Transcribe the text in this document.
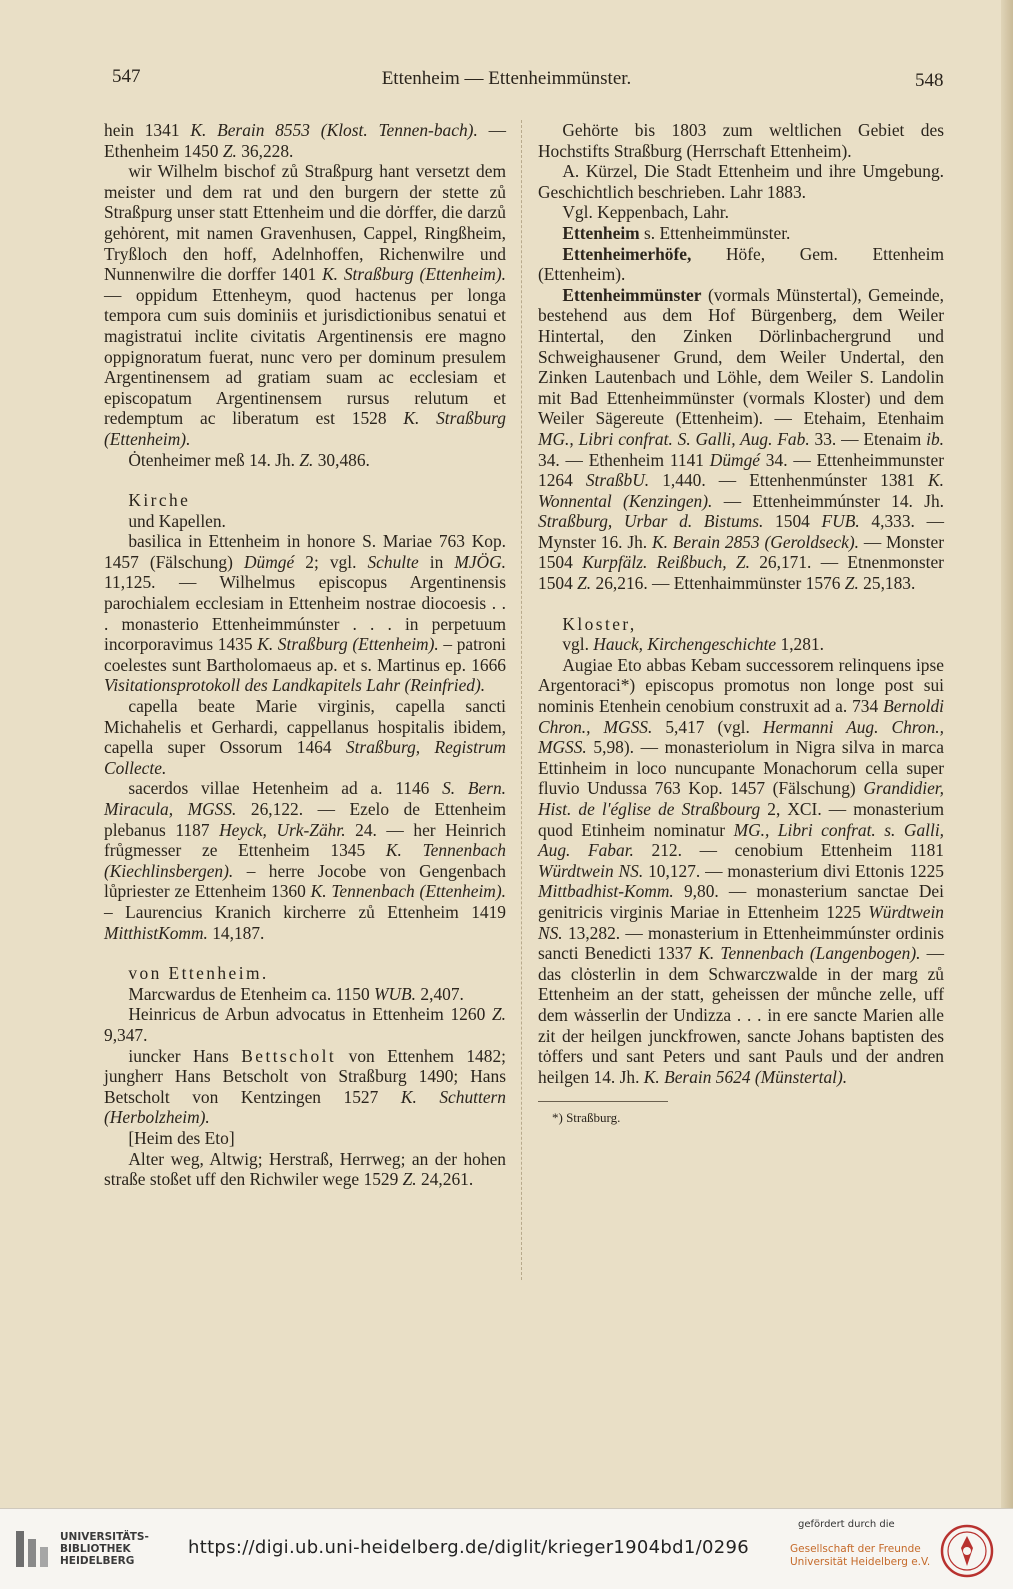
547	Ettenheim — Ettenheimmünster.	548

hein 1341 K. Berain 8553 (Klost. Tennen-bach). — Ethenheim 1450 Z. 36,228.

wir Wilhelm bischof zů Straßpurg hant versetzt dem meister und dem rat und den burgern der stette zů Straßpurg unser statt Ettenheim und die dȯrffer, die darzů gehȯrent, mit namen Gravenhusen, Cappel, Ringßheim, Tryßloch den hoff, Adelnhoffen, Richenwilre und Nunnenwilre die dorffer 1401 K. Straßburg (Ettenheim). — oppidum Ettenheym, quod hactenus per longa tempora cum suis dominiis et jurisdictionibus senatui et magistratui inclite civitatis Argentinensis ere magno oppignoratum fuerat, nunc vero per dominum presulem Argentinensem ad gratiam suam ac ecclesiam et episcopatum Argentinensem rursus relutum et redemptum ac liberatum est 1528 K. Straßburg (Ettenheim).

Ȯtenheimer meß 14. Jh. Z. 30,486.

Kirche

und Kapellen.

basilica in Ettenheim in honore S. Mariae 763 Kop. 1457 (Fälschung) Dümgé 2; vgl. Schulte in MJÖG. 11,125. — Wilhelmus episcopus Argentinensis parochialem ecclesiam in Ettenheim nostrae diocoesis . . . monasterio Ettenheimmúnster . . . in perpetuum incorporavimus 1435 K. Straßburg (Ettenheim). – patroni coelestes sunt Bartholomaeus ap. et s. Martinus ep. 1666 Visitationsprotokoll des Landkapitels Lahr (Reinfried).

capella beate Marie virginis, capella sancti Michahelis et Gerhardi, cappellanus hospitalis ibidem, capella super Ossorum 1464 Straßburg, Registrum Collecte.

sacerdos villae Hetenheim ad a. 1146 S. Bern. Miracula, MGSS. 26,122. — Ezelo de Ettenheim plebanus 1187 Heyck, Urk-Zähr. 24. — her Heinrich frůgmesser ze Ettenheim 1345 K. Tennenbach (Kiechlinsbergen). – herre Jocobe von Gengenbach lůpriester ze Ettenheim 1360 K. Tennenbach (Ettenheim). – Laurencius Kranich kircherre zů Ettenheim 1419 MitthistKomm. 14,187.

von Ettenheim.

Marcwardus de Etenheim ca. 1150 WUB. 2,407.

Heinricus de Arbun advocatus in Ettenheim 1260 Z. 9,347.

iuncker Hans Bettscholt von Ettenhem 1482; jungherr Hans Betscholt von Straßburg 1490; Hans Betscholt von Kentzingen 1527 K. Schuttern (Herbolzheim).

[Heim des Eto]

Alter weg, Altwig; Herstraß, Herrweg; an der hohen straße stoßet uff den Richwiler wege 1529 Z. 24,261.

Gehörte bis 1803 zum weltlichen Gebiet des Hochstifts Straßburg (Herrschaft Ettenheim).

A. Kürzel, Die Stadt Ettenheim und ihre Umgebung. Geschichtlich beschrieben. Lahr 1883.

Vgl. Keppenbach, Lahr.

Ettenheim s. Ettenheimmünster.

Ettenheimerhöfe, Höfe, Gem. Ettenheim (Ettenheim).

Ettenheimmünster (vormals Münstertal), Gemeinde, bestehend aus dem Hof Bürgenberg, dem Weiler Hintertal, den Zinken Dörlinbachergrund und Schweighausener Grund, dem Weiler Undertal, den Zinken Lautenbach und Löhle, dem Weiler S. Landolin mit Bad Ettenheimmünster (vormals Kloster) und dem Weiler Sägereute (Ettenheim). — Etehaim, Etenhaim MG., Libri confrat. S. Galli, Aug. Fab. 33. — Etenaim ib. 34. — Ethenheim 1141 Dümgé 34. — Ettenheimmunster 1264 StraßbU. 1,440. — Ettenhenmúnster 1381 K. Wonnental (Kenzingen). — Ettenheimmúnster 14. Jh. Straßburg, Urbar d. Bistums. 1504 FUB. 4,333. — Mynster 16. Jh. K. Berain 2853 (Geroldseck). — Monster 1504 Kurpfälz. Reißbuch, Z. 26,171. — Etnenmonster 1504 Z. 26,216. — Ettenhaimmünster 1576 Z. 25,183.

Kloster,

vgl. Hauck, Kirchengeschichte 1,281.

Augiae Eto abbas Kebam successorem relinquens ipse Argentoraci*) episcopus promotus non longe post sui nominis Etenhein cenobium construxit ad a. 734 Bernoldi Chron., MGSS. 5,417 (vgl. Hermanni Aug. Chron., MGSS. 5,98). — monasteriolum in Nigra silva in marca Ettinheim in loco nuncupante Monachorum cella super fluvio Undussa 763 Kop. 1457 (Fälschung) Grandidier, Hist. de l'église de Straßbourg 2, XCI. — monasterium quod Etinheim nominatur MG., Libri confrat. s. Galli, Aug. Fabar. 212. — cenobium Ettenheim 1181 Würdtwein NS. 10,127. — monasterium divi Ettonis 1225 Mittbadhist-Komm. 9,80. — monasterium sanctae Dei genitricis virginis Mariae in Ettenheim 1225 Würdtwein NS. 13,282. — monasterium in Ettenheimmúnster ordinis sancti Benedicti 1337 K. Tennenbach (Langenbogen). — das clȯsterlin in dem Schwarczwalde in der marg zů Ettenheim an der statt, geheissen der můnche zelle, uff dem wȧsserlin der Undizza . . . in ere sancte Marien alle zit der heilgen junckfrowen, sancte Johans baptisten des tȯffers und sant Peters und sant Pauls und der andren heilgen 14. Jh. K. Berain 5624 (Münstertal).

*) Straßburg.

UNIVERSITÄTS-
BIBLIOTHEK
HEIDELBERG
https://digi.ub.uni-heidelberg.de/diglit/krieger1904bd1/0296
gefördert durch die
Gesellschaft der Freunde
Universität Heidelberg e.V.
